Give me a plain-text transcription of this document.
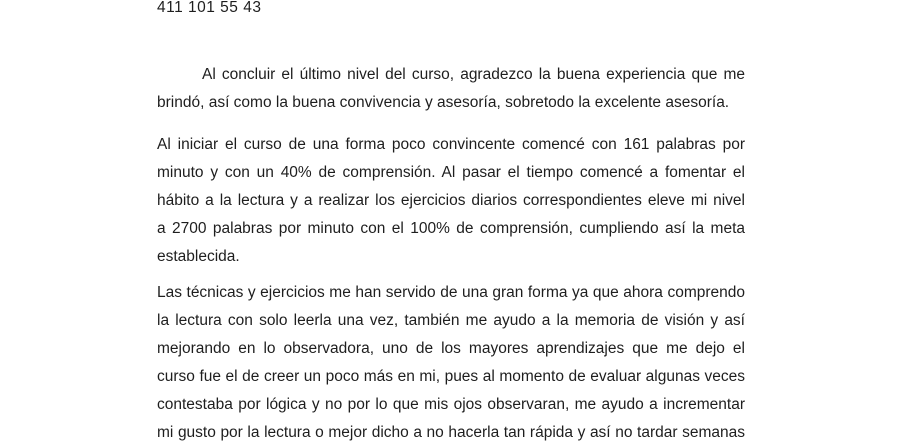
411 101 55 43
Al concluir el último nivel del curso, agradezco la buena experiencia que me
brindó, así como la buena convivencia y asesoría, sobretodo la excelente asesoría.
Al iniciar el curso de una forma poco convincente comencé con 161 palabras por
minuto y con un 40% de comprensión. Al pasar el tiempo comencé a fomentar el
hábito a la lectura y a realizar los ejercicios diarios correspondientes eleve mi nivel
a 2700 palabras por minuto con el 100% de comprensión, cumpliendo así la meta
establecida.
Las técnicas y ejercicios me han servido de una gran forma ya que ahora comprendo
la lectura con solo leerla una vez, también me ayudo a la memoria de visión y así
mejorando en lo observadora, uno de los mayores aprendizajes que me dejo el
curso fue el de creer un poco más en mi, pues al momento de evaluar algunas veces
contestaba por lógica y no por lo que mis ojos observaran, me ayudo a incrementar
mi gusto por la lectura o mejor dicho a no hacerla tan rápida y así no tardar semanas
